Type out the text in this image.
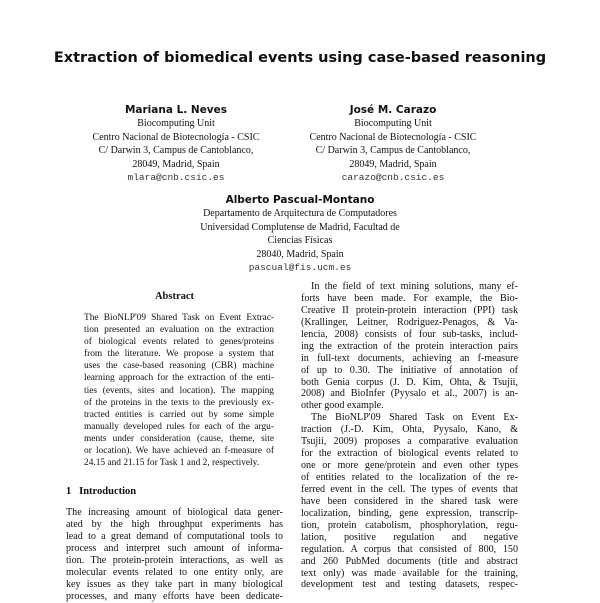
Extraction of biomedical events using case-based reasoning
Mariana L. Neves
Biocomputing Unit
Centro Nacional de Biotecnología - CSIC
C/ Darwin 3, Campus de Cantoblanco,
28049, Madrid, Spain
mlara@cnb.csic.es
José M. Carazo
Biocomputing Unit
Centro Nacional de Biotecnología - CSIC
C/ Darwin 3, Campus de Cantoblanco,
28049, Madrid, Spain
carazo@cnb.csic.es
Alberto Pascual-Montano
Departamento de Arquitectura de Computadores
Universidad Complutense de Madrid, Facultad de
Ciencias Físicas
28040, Madrid, Spain
pascual@fis.ucm.es
Abstract
The BioNLP'09 Shared Task on Event Extrac-
tion presented an evaluation on the extraction
of biological events related to genes/proteins
from the literature. We propose a system that
uses the case-based reasoning (CBR) machine
learning approach for the extraction of the enti-
ties (events, sites and location). The mapping
of the proteins in the texts to the previously ex-
tracted entities is carried out by some simple
manually developed rules for each of the argu-
ments under consideration (cause, theme, site
or location). We have achieved an f-measure of
24.15 and 21.15 for Task 1 and 2, respectively.
1 Introduction
The increasing amount of biological data gener-
ated by the high throughput experiments has
lead to a great demand of computational tools to
process and interpret such amount of informa-
tion. The protein-protein interactions, as well as
molecular events related to one entity only, are
key issues as they take part in many biological
processes, and many efforts have been dedicate-
In the field of text mining solutions, many ef-
forts have been made. For example, the Bio-
Creative II protein-protein interaction (PPI) task
(Krallinger, Leitner, Rodriguez-Penagos, & Va-
lencia, 2008) consists of four sub-tasks, includ-
ing the extraction of the protein interaction pairs
in full-text documents, achieving an f-measure
of up to 0.30. The initiative of annotation of
both Genia corpus (J. D. Kim, Ohta, & Tsujii,
2008) and BioInfer (Pyysalo et al., 2007) is an-
other good example.
The BioNLP'09 Shared Task on Event Ex-
traction (J.-D. Kim, Ohta, Pyysalo, Kano, &
Tsujii, 2009) proposes a comparative evaluation
for the extraction of biological events related to
one or more gene/protein and even other types
of entities related to the localization of the re-
ferred event in the cell. The types of events that
have been considered in the shared task were
localization, binding, gene expression, transcrip-
tion, protein catabolism, phosphorylation, regu-
lation, positive regulation and negative
regulation. A corpus that consisted of 800, 150
and 260 PubMed documents (title and abstract
text only) was made available for the training,
development test and testing datasets, respec-
